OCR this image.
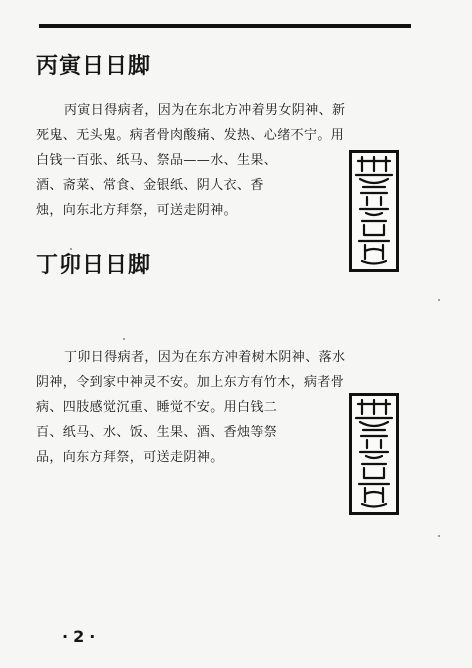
丙寅日日脚
丙寅日得病者，因为在东北方冲着男女阴神、新
死鬼、无头鬼。病者骨肉酸痛、发热、心绪不宁。用
白钱一百张、纸马、祭品——水、生果、
酒、斋菜、常食、金银纸、阴人衣、香
烛，向东北方拜祭，可送走阴神。
丁卯日日脚
丁卯日得病者，因为在东方冲着树木阴神、落水
阴神，令到家中神灵不安。加上东方有竹木，病者骨
病、四肢感觉沉重、睡觉不安。用白钱二
百、纸马、水、饭、生果、酒、香烛等祭
品，向东方拜祭，可送走阴神。
·2·
